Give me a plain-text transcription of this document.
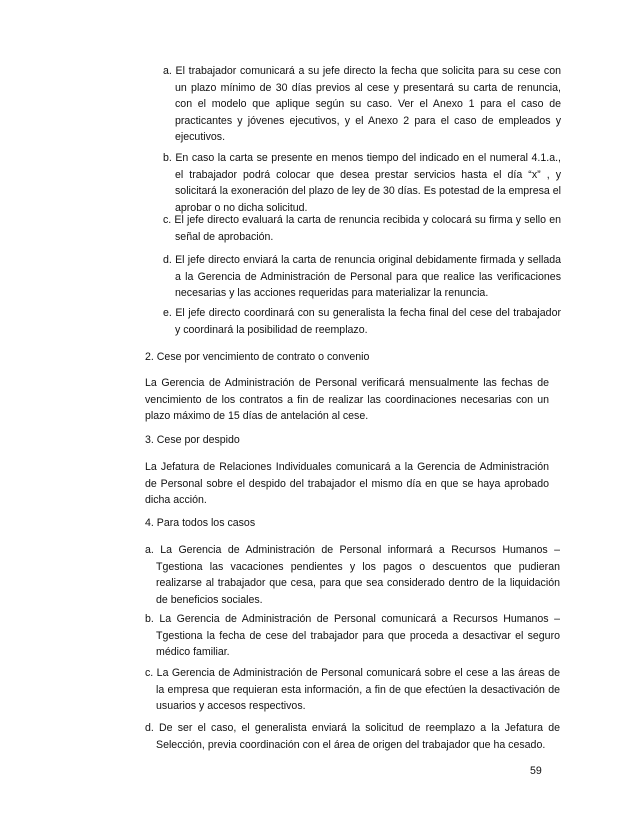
a. El trabajador comunicará a su jefe directo la fecha que solicita para su cese con un plazo mínimo de 30 días previos al cese y presentará su carta de renuncia, con el modelo que aplique según su caso. Ver el Anexo 1 para el caso de practicantes y jóvenes ejecutivos, y el Anexo 2 para el caso de empleados y ejecutivos.

b. En caso la carta se presente en menos tiempo del indicado en el numeral 4.1.a., el trabajador podrá colocar que desea prestar servicios hasta el día “x” , y solicitará la exoneración del plazo de ley de 30 días. Es potestad de la empresa el aprobar o no dicha solicitud.

c. El jefe directo evaluará la carta de renuncia recibida y colocará su firma y sello en señal de aprobación.

d. El jefe directo enviará la carta de renuncia original debidamente firmada y sellada a la Gerencia de Administración de Personal para que realice las verificaciones necesarias y las acciones requeridas para materializar la renuncia.

e. El jefe directo coordinará con su generalista la fecha final del cese del trabajador y coordinará la posibilidad de reemplazo.

2. Cese por vencimiento de contrato o convenio

La Gerencia de Administración de Personal verificará mensualmente las fechas de vencimiento de los contratos a fin de realizar las coordinaciones necesarias con un plazo máximo de 15 días de antelación al cese.

3. Cese por despido

La Jefatura de Relaciones Individuales comunicará a la Gerencia de Administración de Personal sobre el despido del trabajador el mismo día en que se haya aprobado dicha acción.

4. Para todos los casos

a. La Gerencia de Administración de Personal informará a Recursos Humanos – Tgestiona las vacaciones pendientes y los pagos o descuentos que pudieran realizarse al trabajador que cesa, para que sea considerado dentro de la liquidación de beneficios sociales.

b. La Gerencia de Administración de Personal comunicará a Recursos Humanos – Tgestiona la fecha de cese del trabajador para que proceda a desactivar el seguro médico familiar.

c. La Gerencia de Administración de Personal comunicará sobre el cese a las áreas de la empresa que requieran esta información, a fin de que efectúen la desactivación de usuarios y accesos respectivos.

d. De ser el caso, el generalista enviará la solicitud de reemplazo a la Jefatura de Selección, previa coordinación con el área de origen del trabajador que ha cesado.

59
